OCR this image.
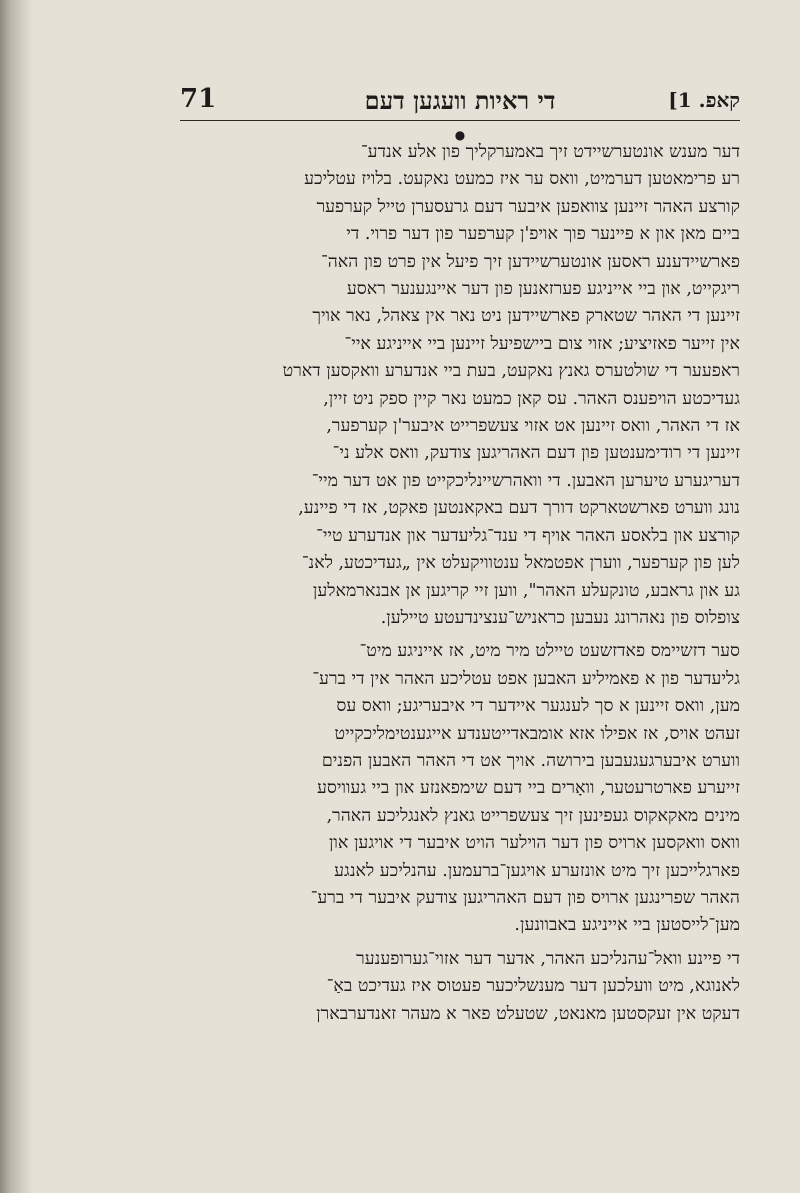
71	די ראיות וועגען דעם	קאפ. 1]
●

דער מענש אונטערשיידט זיך באמערקליך פון אלע אנדע־
רע פרימאטען דערמיט, וואס ער איז כמעט נאקעט. בלויז עטליכע
קורצע האהר זיינען צוואפען איבער דעם גרעסערן טייל קערפער
ביים מאן און א פיינער פוך אויפ'ן קערפער פון דער פרוי. די
פארשיידענע ראסען אונטערשיידען זיך פיעל אין פרט פון האה־
ריגקייט, און ביי אייניגע פערזאנען פון דער איינגענער ראסע
זיינען די האהר שטארק פארשיידען ניט נאר אין צאהל, נאר אויך
אין זייער פאזיציע; אזוי צום ביישפיעל זיינען ביי אייניגע איי־
ראפעער די שולטערס גאנץ נאקעט, בעת ביי אנדערע וואקסען דארט
געדיכטע הויפענס האהר. עס קאן כמעט נאר קיין ספק ניט זיין,
אז די האהר, וואס זיינען אט אזוי צעשפרייט איבער'ן קערפער,
זיינען די רודימענטען פון דעם האהריגען צודעק, וואס אלע ני־
דעריגערע טיערען האבען. די וואהרשיינליכקייט פון אט דער מיי־
נונג ווערט פארשטארקט דורך דעם באקאנטען פאקט, אז די פיינע,
קורצע און בלאסע האהר אויף די ענד־גליעדער און אנדערע טיי־
לען פון קערפער, ווערן אפטמאל ענטוויקעלט אין „געדיכטע, לאנ־
גע און גראבע, טונקעלע האהר", ווען זיי קריגען אן אבנארמאלען
צופלוס פון נאהרונג נעבען כראניש־ענצינדעטע טיילען.

סער דזשיימס פאדזשעט טיילט מיר מיט, אז אייניגע מיט־
גליעדער פון א פאמיליע האבען אפט עטליכע האהר אין די ברע־
מען, וואס זיינען א סך לענגער איידער די איבעריגע; וואס עס
זעהט אויס, אז אפילו אזא אומבאדייטענדע אייגענטימליכקייט
ווערט איבערגעגעבען בירושה. אויך אט די האהר האבען הפנים
זייערע פארטרעטער, וואָרים ביי דעם שימפאנזע און ביי געוויסע
מינים מאקאקוס געפינען זיך צעשפרייט גאנץ לאנגליכע האהר,
וואס וואקסען ארויס פון דער הוילער הויט איבער די אויגען און
פארגלייכען זיך מיט אונזערע אויגען־ברעמען. עהנליכע לאנגע
האהר שפרינגען ארויס פון דעם האהריגען צודעק איבער די ברע־
מען־לייסטען ביי אייניגע באבוונען.

די פיינע וואל־עהנליכע האהר, אדער דער אזוי־גערופענער
לאנוגא, מיט וועלכען דער מענשליכער פעטוס איז געדיכט באַ־
דעקט אין זעקסטען מאנאט, שטעלט פאר א מעהר זאנדערבארן
